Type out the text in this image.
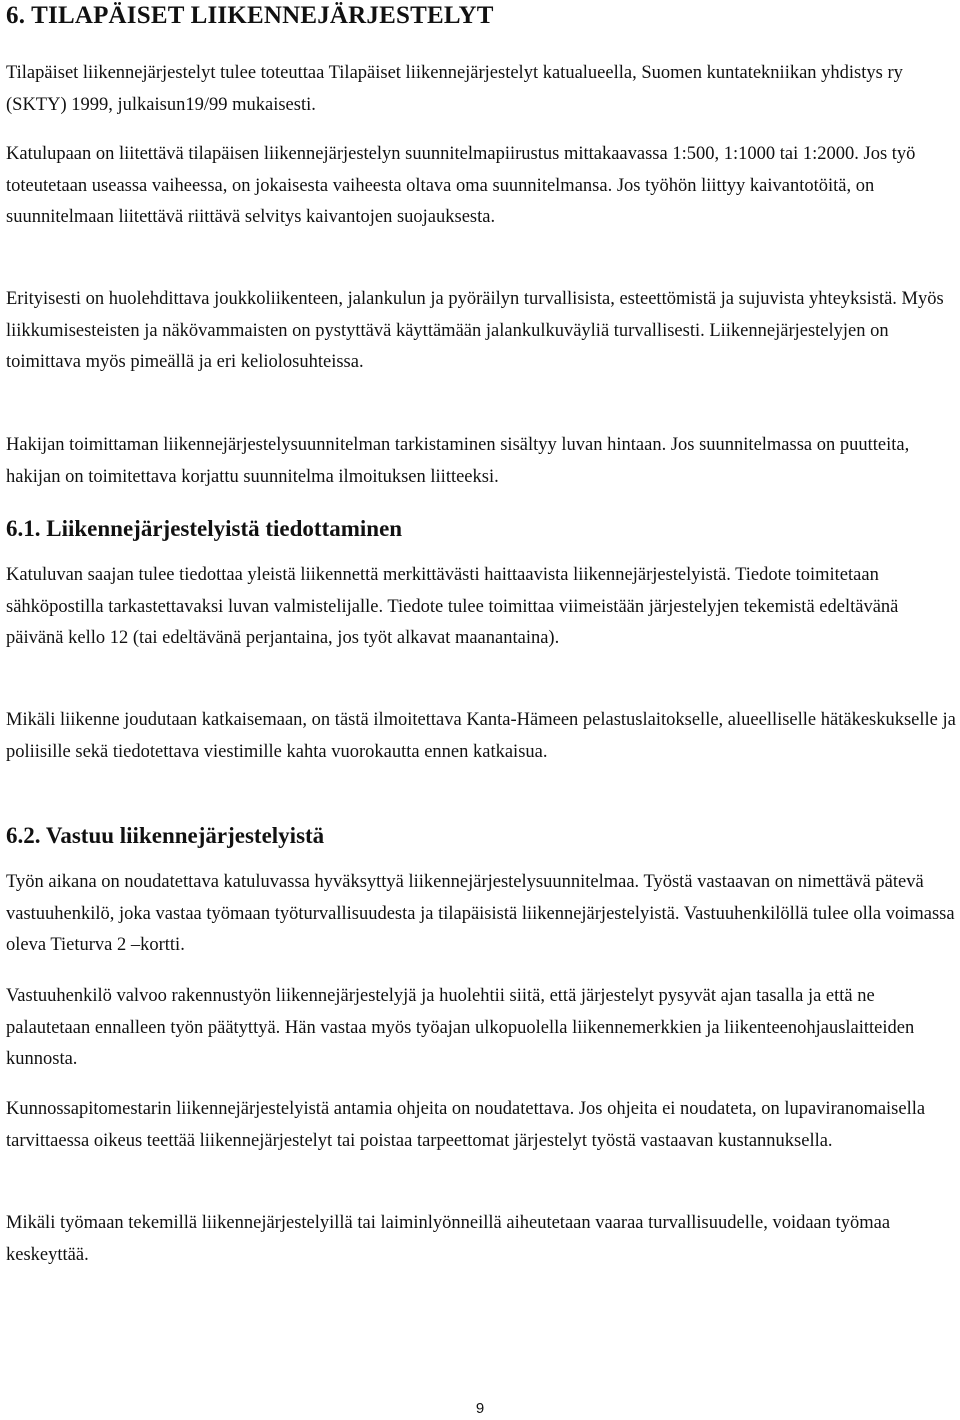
6. TILAPÄISET LIIKENNEJÄRJESTELYT

Tilapäiset liikennejärjestelyt tulee toteuttaa Tilapäiset liikennejärjestelyt katualueella, Suomen kuntatekniikan yhdistys ry (SKTY) 1999, julkaisun19/99 mukaisesti.

Katulupaan on liitettävä tilapäisen liikennejärjestelyn suunnitelmapiirustus mittakaavassa 1:500, 1:1000 tai 1:2000. Jos työ toteutetaan useassa vaiheessa, on jokaisesta vaiheesta oltava oma suunnitelmansa. Jos työhön liittyy kaivantotöitä, on suunnitelmaan liitettävä riittävä selvitys kaivantojen suojauksesta.

Erityisesti on huolehdittava joukkoliikenteen, jalankulun ja pyöräilyn turvallisista, esteettömistä ja sujuvista yhteyksistä. Myös liikkumisesteisten ja näkövammaisten on pystyttävä käyttämään jalankulkuväyliä turvallisesti. Liikennejärjestelyjen on toimittava myös pimeällä ja eri keliolosuhteissa.

Hakijan toimittaman liikennejärjestelysuunnitelman tarkistaminen sisältyy luvan hintaan. Jos suunnitelmassa on puutteita, hakijan on toimitettava korjattu suunnitelma ilmoituksen liitteeksi.

6.1. Liikennejärjestelyistä tiedottaminen

Katuluvan saajan tulee tiedottaa yleistä liikennettä merkittävästi haittaavista liikennejärjestelyistä. Tiedote toimitetaan sähköpostilla tarkastettavaksi luvan valmistelijalle. Tiedote tulee toimittaa viimeistään järjestelyjen tekemistä edeltävänä päivänä kello 12 (tai edeltävänä perjantaina, jos työt alkavat maanantaina).

Mikäli liikenne joudutaan katkaisemaan, on tästä ilmoitettava Kanta-Hämeen pelastuslaitokselle, alueelliselle hätäkeskukselle ja poliisille sekä tiedotettava viestimille kahta vuorokautta ennen katkaisua.

6.2. Vastuu liikennejärjestelyistä

Työn aikana on noudatettava katuluvassa hyväksyttyä liikennejärjestelysuunnitelmaa. Työstä vastaavan on nimettävä pätevä vastuuhenkilö, joka vastaa työmaan työturvallisuudesta ja tilapäisistä liikennejärjestelyistä. Vastuuhenkilöllä tulee olla voimassa oleva Tieturva 2 –kortti.

Vastuuhenkilö valvoo rakennustyön liikennejärjestelyjä ja huolehtii siitä, että järjestelyt pysyvät ajan tasalla ja että ne palautetaan ennalleen työn päätyttyä. Hän vastaa myös työajan ulkopuolella liikennemerkkien ja liikenteenohjauslaitteiden kunnosta.

Kunnossapitomestarin liikennejärjestelyistä antamia ohjeita on noudatettava. Jos ohjeita ei noudateta, on lupaviranomaisella tarvittaessa oikeus teettää liikennejärjestelyt tai poistaa tarpeettomat järjestelyt työstä vastaavan kustannuksella.

Mikäli työmaan tekemillä liikennejärjestelyillä tai laiminlyönneillä aiheutetaan vaaraa turvallisuudelle, voidaan työmaa keskeyttää.

9
